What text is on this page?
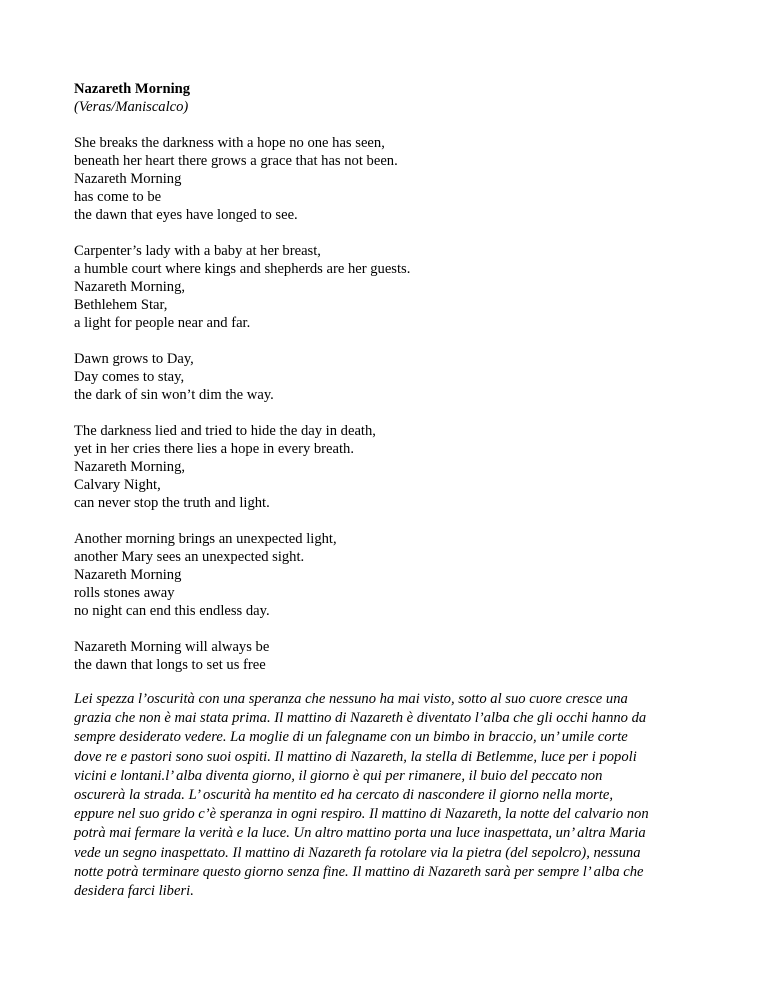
Nazareth Morning
(Veras/Maniscalco)
She breaks the darkness with a hope no one has seen,
beneath her heart there grows a grace that has not been.
Nazareth Morning
has come to be
the dawn that eyes have longed to see.
Carpenter’s lady with a baby at her breast,
a humble court where kings and shepherds are her guests.
Nazareth Morning,
Bethlehem Star,
a light for people near and far.
Dawn grows to Day,
Day comes to stay,
the dark of sin won’t dim the way.
The darkness lied and tried to hide the day in death,
yet in her cries there lies a hope in every breath.
Nazareth Morning,
Calvary Night,
can never stop the truth and light.
Another morning brings an unexpected light,
another Mary sees an unexpected sight.
Nazareth Morning
rolls stones away
no night can end this endless day.
Nazareth Morning will always be
the dawn that longs to set us free
Lei spezza l’oscurità con una speranza che nessuno ha mai visto, sotto al suo cuore cresce una
grazia che non è mai stata prima. Il mattino di Nazareth è diventato l’alba che gli occhi hanno da
sempre desiderato vedere. La moglie di un falegname con un bimbo in braccio, un’ umile corte
dove re e pastori sono suoi ospiti. Il mattino di Nazareth, la stella di Betlemme, luce per i popoli
vicini e lontani.l’ alba diventa giorno, il giorno è qui per rimanere, il buio del peccato non
oscurerà la strada. L’ oscurità ha mentito ed ha cercato di nascondere il giorno nella morte,
eppure nel suo grido c’è speranza in ogni respiro. Il mattino di Nazareth, la notte del calvario non
potrà mai fermare la verità e la luce. Un altro mattino porta una luce inaspettata, un’ altra Maria
vede un segno inaspettato. Il mattino di Nazareth fa rotolare via la pietra (del sepolcro), nessuna
notte potrà terminare questo giorno senza fine. Il mattino di Nazareth sarà per sempre l’ alba che
desidera farci liberi.
